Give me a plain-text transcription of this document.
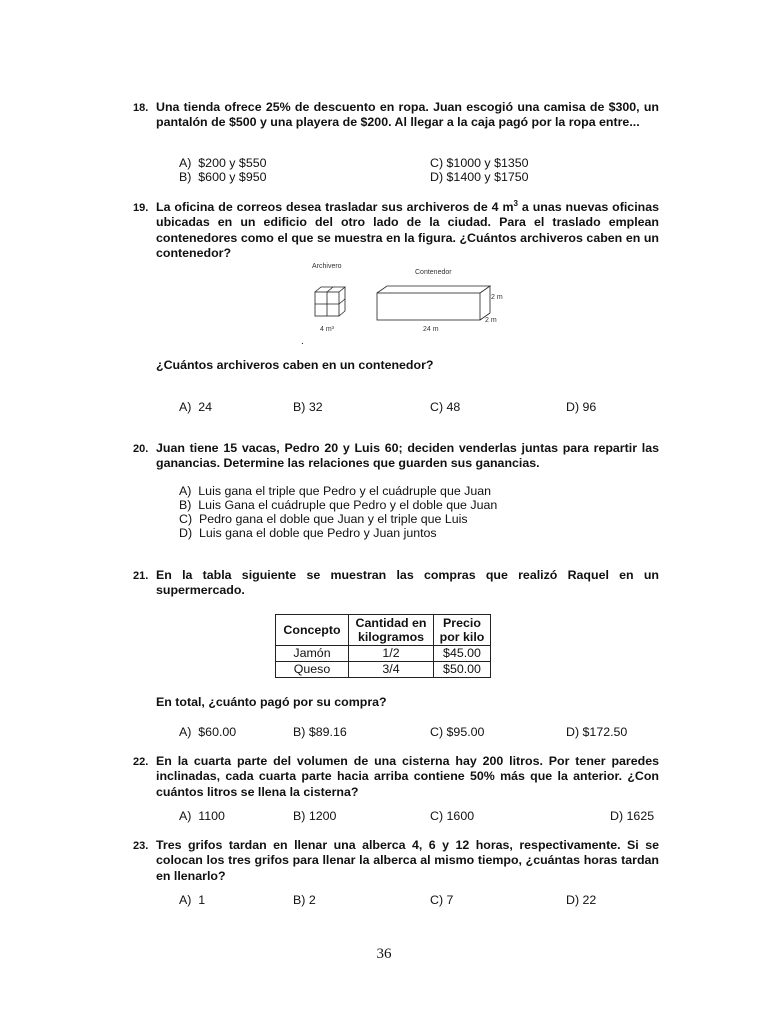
18. Una tienda ofrece 25% de descuento en ropa. Juan escogió una camisa de $300, un pantalón de $500 y una playera de $200. Al llegar a la caja pagó por la ropa entre...
A) $200 y $550
B) $600 y $950
C) $1000 y $1350
D) $1400 y $1750
19. La oficina de correos desea trasladar sus archiveros de 4 $m^3$ a unas nuevas oficinas ubicadas en un edificio del otro lado de la ciudad. Para el traslado emplean contenedores como el que se muestra en la figura. ¿Cuántos archiveros caben en un contenedor?
Archivero
4 m³
Contenedor
2 m
2 m
24 m
.
¿Cuántos archiveros caben en un contenedor?
A) 24	B) 32	C) 48	D) 96
20. Juan tiene 15 vacas, Pedro 20 y Luis 60; deciden venderlas juntas para repartir las ganancias. Determine las relaciones que guarden sus ganancias.
A) Luis gana el triple que Pedro y el cuádruple que Juan
B) Luis Gana el cuádruple que Pedro y el doble que Juan
C) Pedro gana el doble que Juan y el triple que Luis
D) Luis gana el doble que Pedro y Juan juntos
21. En la tabla siguiente se muestran las compras que realizó Raquel en un supermercado.
Concepto	Cantidad en kilogramos	Precio por kilo
Jamón	1/2	$45.00
Queso	3/4	$50.00
En total, ¿cuánto pagó por su compra?
A) $60.00	B) $89.16	C) $95.00	D) $172.50
22. En la cuarta parte del volumen de una cisterna hay 200 litros. Por tener paredes inclinadas, cada cuarta parte hacia arriba contiene 50% más que la anterior. ¿Con cuántos litros se llena la cisterna?
A) 1100	B) 1200	C) 1600	D) 1625
23. Tres grifos tardan en llenar una alberca 4, 6 y 12 horas, respectivamente. Si se colocan los tres grifos para llenar la alberca al mismo tiempo, ¿cuántas horas tardan en llenarlo?
A) 1	B) 2	C) 7	D) 22
36
